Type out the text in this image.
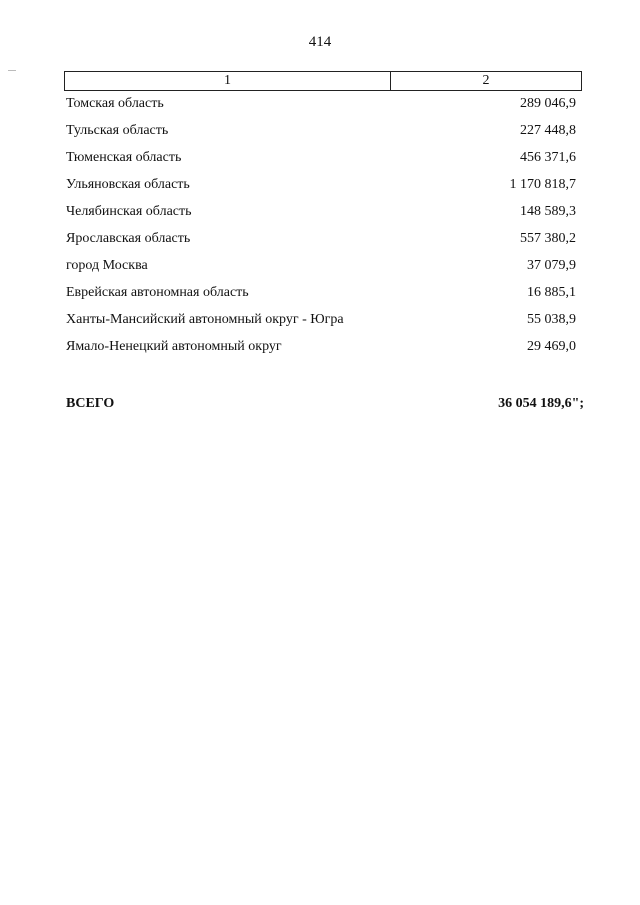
414
1	2
Томская область	289 046,9
Тульская область	227 448,8
Тюменская область	456 371,6
Ульяновская область	1 170 818,7
Челябинская область	148 589,3
Ярославская область	557 380,2
город Москва	37 079,9
Еврейская автономная область	16 885,1
Ханты-Мансийский автономный округ - Югра	55 038,9
Ямало-Ненецкий автономный округ	29 469,0
ВСЕГО	36 054 189,6";
